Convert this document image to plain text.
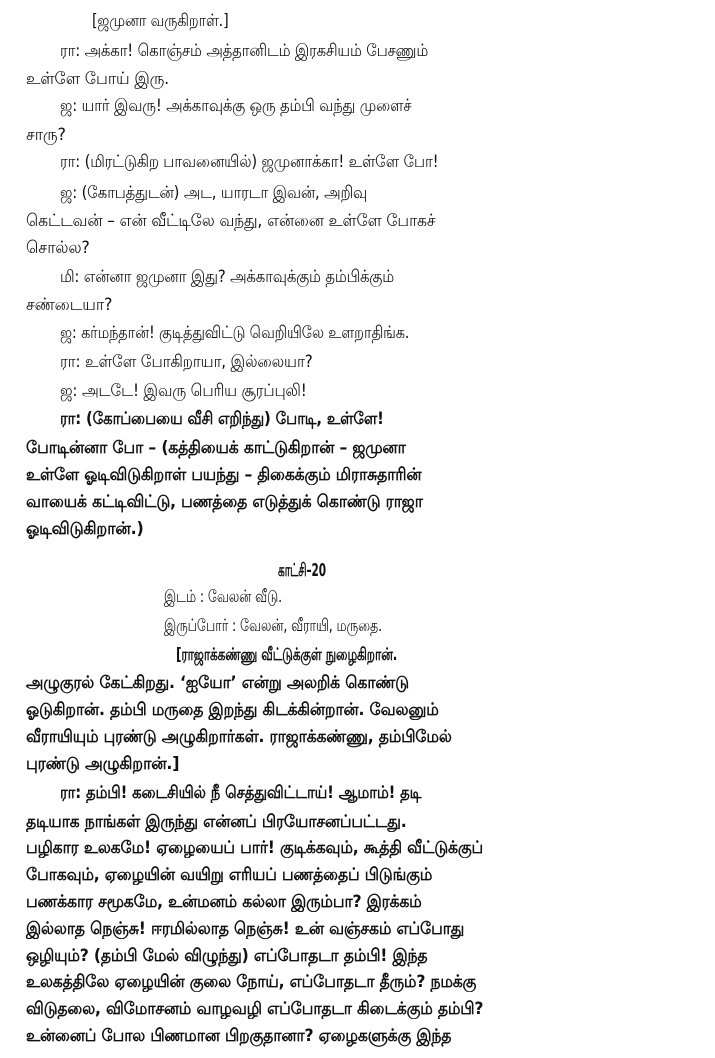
[ஜமுனா வருகிறாள்.]
ரா: அக்கா! கொஞ்சம் அத்தானிடம் இரகசியம் பேசணும்
உள்ளே போய் இரு.
ஜ: யார் இவரு! அக்காவுக்கு ஒரு தம்பி வந்து முளைச்
சாரு?
ரா: (மிரட்டுகிற பாவனையில்) ஜமுனாக்கா! உள்ளே போ!
ஜ: (கோபத்துடன்) அட, யாரடா இவன், அறிவு
கெட்டவன் – என் வீட்டிலே வந்து, என்னை உள்ளே போகச்
சொல்ல?
மி: என்னா ஜமுனா இது? அக்காவுக்கும் தம்பிக்கும்
சண்டையா?
ஜ: கர்மந்தான்! குடித்துவிட்டு வெறியிலே உளறாதிங்க.
ரா: உள்ளே போகிறாயா, இல்லையா?
ஜ: அடடே! இவரு பெரிய சூரப்புலி!
ரா: (கோப்பையை வீசி எறிந்து) போடி, உள்ளே!
போடின்னா போ – (கத்தியைக் காட்டுகிறான் – ஜமுனா
உள்ளே ஓடிவிடுகிறாள் பயந்து – திகைக்கும் மிராசுதாரின்
வாயைக் கட்டிவிட்டு, பணத்தை எடுத்துக் கொண்டு ராஜா
ஓடிவிடுகிறான்.)
காட்சி–20
இடம் : வேலன் வீடு.
இருப்போர் : வேலன், வீராயி, மருதை.
[ராஜாக்கண்ணு வீட்டுக்குள் நுழைகிறான்.
அழுகுரல் கேட்கிறது. ‘ஐயோ’ என்று அலறிக் கொண்டு
ஓடுகிறான். தம்பி மருதை இறந்து கிடக்கின்றான். வேலனும்
வீராயியும் புரண்டு அழுகிறார்கள். ராஜாக்கண்ணு, தம்பிமேல்
புரண்டு அழுகிறான்.]
ரா: தம்பி! கடைசியில் நீ செத்துவிட்டாய்! ஆமாம்! தடி
தடியாக நாங்கள் இருந்து என்னப் பிரயோசனப்பட்டது.
பழிகார உலகமே! ஏழையைப் பார்! குடிக்கவும், கூத்தி வீட்டுக்குப்
போகவும், ஏழையின் வயிறு எரியப் பணத்தைப் பிடுங்கும்
பணக்கார சமூகமே, உன்மனம் கல்லா இரும்பா? இரக்கம்
இல்லாத நெஞ்சு! ஈரமில்லாத நெஞ்சு! உன் வஞ்சகம் எப்போது
ஒழியும்? (தம்பி மேல் விழுந்து) எப்போதடா தம்பி! இந்த
உலகத்திலே ஏழையின் குலை நோய், எப்போதடா தீரும்? நமக்கு
விடுதலை, விமோசனம் வாழவழி எப்போதடா கிடைக்கும் தம்பி?
உன்னைப் போல பிணமான பிறகுதானா? ஏழைகளுக்கு இந்த
